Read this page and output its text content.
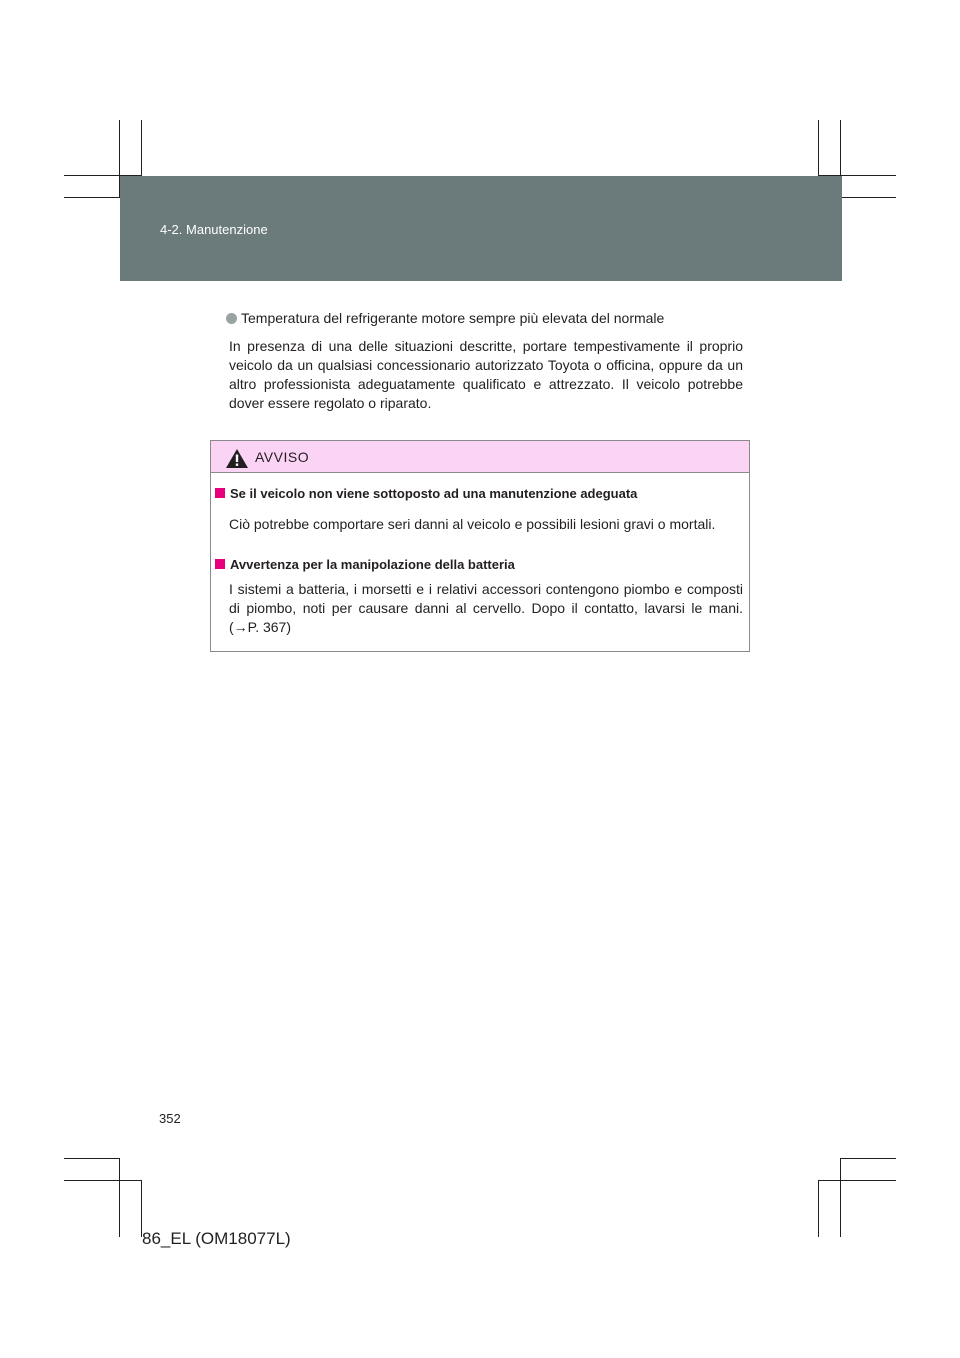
4-2. Manutenzione
Temperatura del refrigerante motore sempre più elevata del normale

In presenza di una delle situazioni descritte, portare tempestivamente il proprio veicolo da un qualsiasi concessionario autorizzato Toyota o officina, oppure da un altro professionista adeguatamente qualificato e attrezzato. Il veicolo potrebbe dover essere regolato o riparato.

AVVISO
Se il veicolo non viene sottoposto ad una manutenzione adeguata

Ciò potrebbe comportare seri danni al veicolo e possibili lesioni gravi o mortali.

Avvertenza per la manipolazione della batteria

I sistemi a batteria, i morsetti e i relativi accessori contengono piombo e composti di piombo, noti per causare danni al cervello. Dopo il contatto, lavarsi le mani. (→P. 367)

352
86_EL (OM18077L)
